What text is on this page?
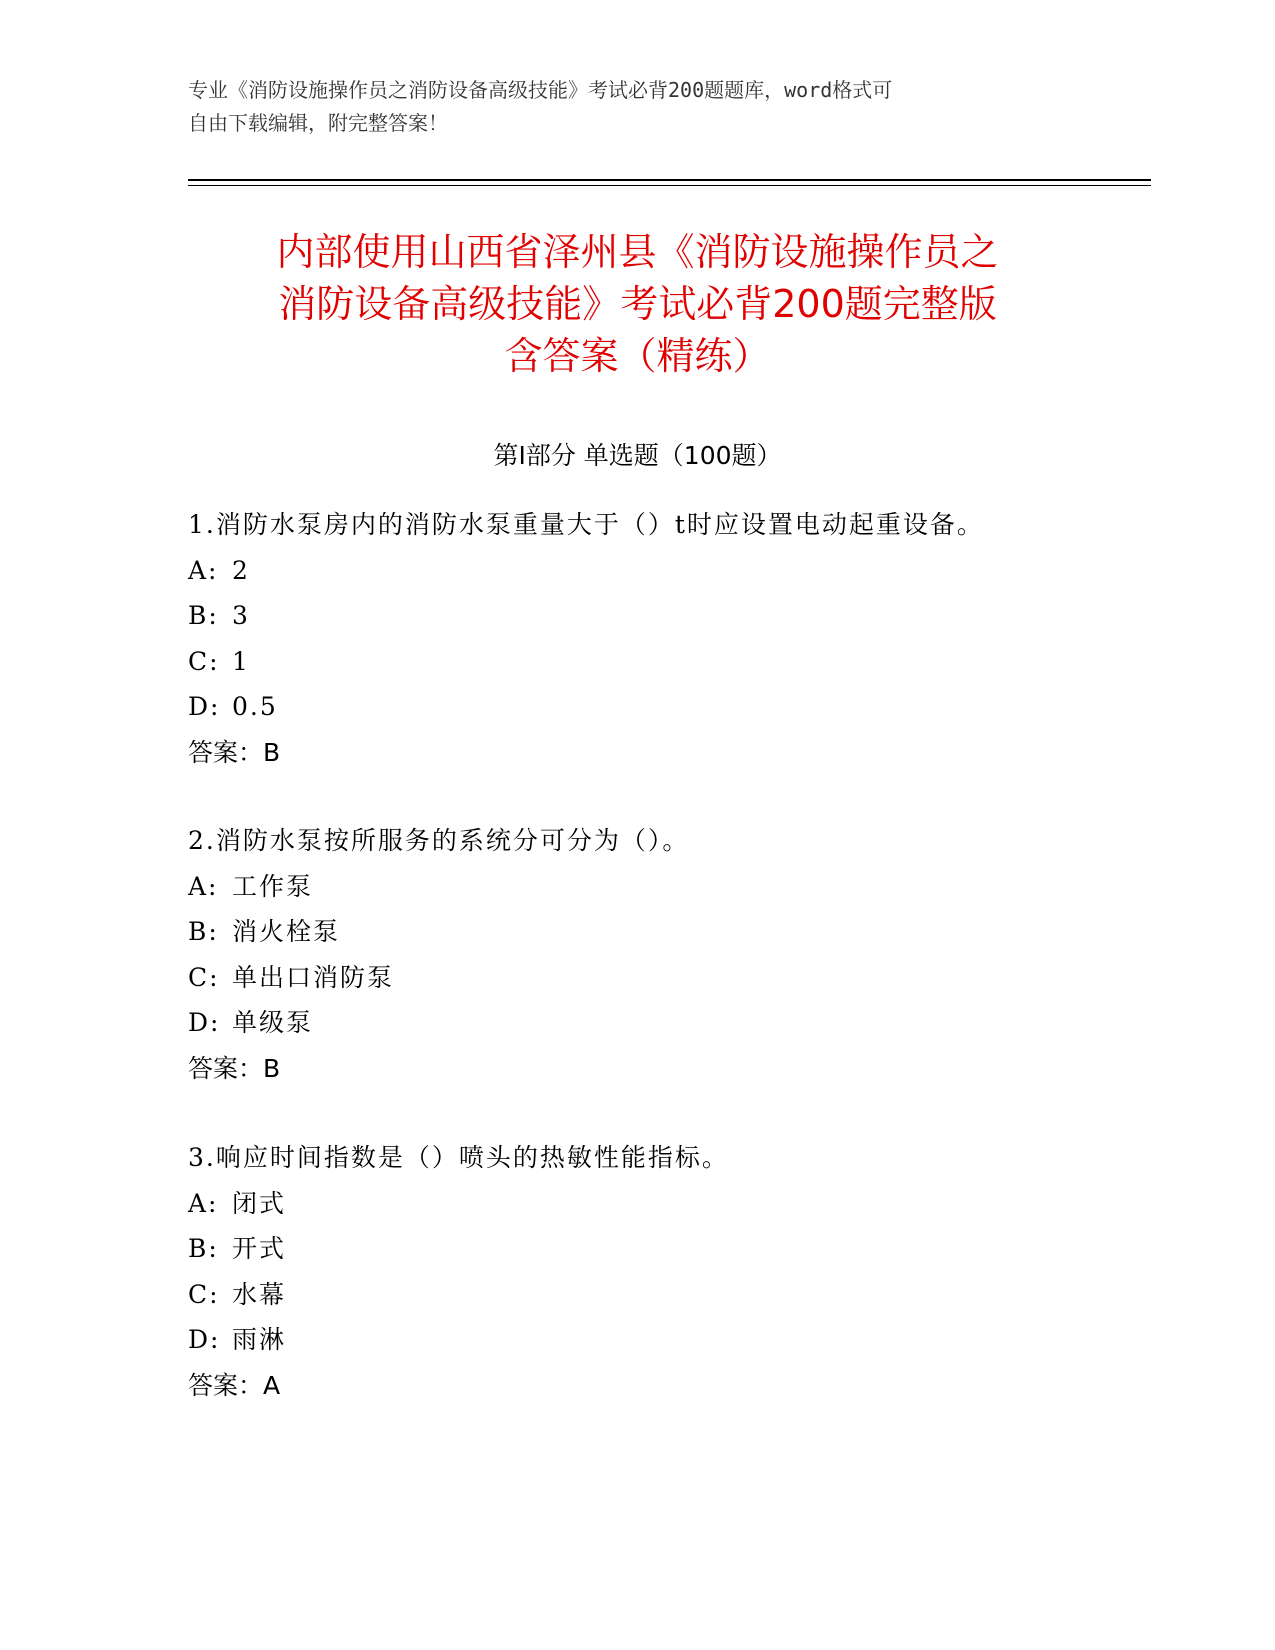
专业《消防设施操作员之消防设备高级技能》考试必背200题题库，word格式可
自由下载编辑，附完整答案！
内部使用山西省泽州县《消防设施操作员之
消防设备高级技能》考试必背200题完整版
含答案（精练）
第Ⅰ部分 单选题（100题）
1.消防水泵房内的消防水泵重量大于（）t时应设置电动起重设备。
A: 2
B: 3
C: 1
D: 0.5
答案：B
2.消防水泵按所服务的系统分可分为（）。
A: 工作泵
B: 消火栓泵
C: 单出口消防泵
D: 单级泵
答案：B
3.响应时间指数是（）喷头的热敏性能指标。
A: 闭式
B: 开式
C: 水幕
D: 雨淋
答案：A
